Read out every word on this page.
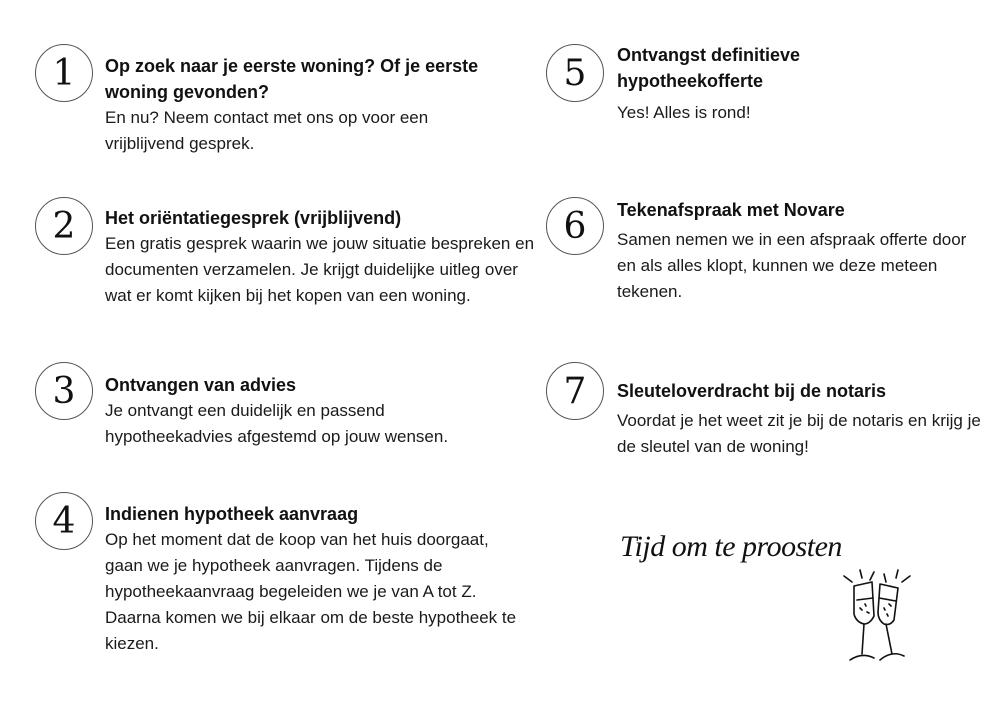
1	Op zoek naar je eerste woning? Of je eerste woning gevonden?

En nu? Neem contact met ons op voor een vrijblijvend gesprek.

2	Het oriëntatiegesprek (vrijblijvend)

Een gratis gesprek waarin we jouw situatie bespreken en documenten verzamelen. Je krijgt duidelijke uitleg over wat er komt kijken bij het kopen van een woning.

3	Ontvangen van advies

Je ontvangt een duidelijk en passend hypotheekadvies afgestemd op jouw wensen.

4	Indienen hypotheek aanvraag

Op het moment dat de koop van het huis doorgaat, gaan we je hypotheek aanvragen. Tijdens de hypotheekaanvraag begeleiden we je van A tot Z. Daarna komen we bij elkaar om de beste hypotheek te kiezen.

5	Ontvangst definitieve hypotheekofferte

Yes! Alles is rond!

6	Tekenafspraak met Novare

Samen nemen we in een afspraak offerte door en als alles klopt, kunnen we deze meteen tekenen.

7	Sleuteloverdracht bij de notaris

Voordat je het weet zit je bij de notaris en krijg je de sleutel van de woning!

Tijd om te proosten
